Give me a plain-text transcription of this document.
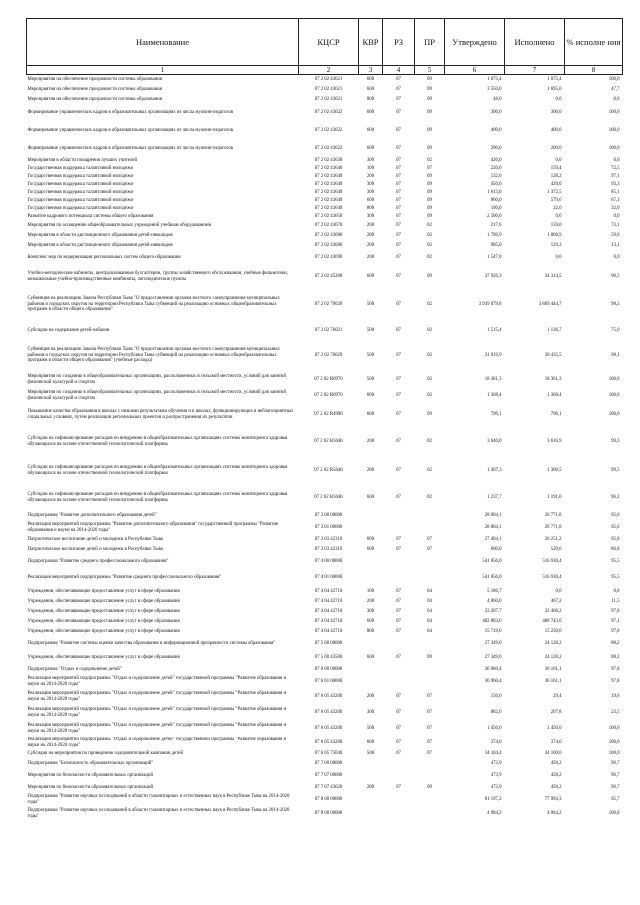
Наименование	КЦСР	КВР	РЗ	ПР	Утверждено	Исполнено	% исполне ния
1	2	3	4	5	6	7	8
Мероприятия на обеспечение прозрачности системы образования	07 2 02 43621	600	07	09	1 075,4	1 075,4	100,0
Мероприятия на обеспечение прозрачности системы образования	07 2 02 43621	600	07	09	3 550,0	1 695,0	47,7
Мероприятия на обеспечение прозрачности системы образования	07 2 02 43621	800	07	09	48,0	0,0	0,0
Формирование управленческих кадров в образовательных организациях из числа мужчин-педагогов	07 2 02 43622	600	07	09	300,0	300,0	100,0
Формирование управленческих кадров в образовательных организациях из числа мужчин-педагогов	07 2 02 43622	600	07	09	400,0	400,0	100,0
Формирование управленческих кадров в образовательных организациях из числа мужчин-педагогов	07 2 02 43622	600	07	09	200,0	200,0	100,0
Мероприятия в области поощрения лучших учителей	07 2 02 43630	300	07	02	420,0	0,0	0,0
Государственная поддержка талантливой молодежи	07 2 02 43640	100	07	07	220,0	159,4	72,5
Государственная поддержка талантливой молодежи	07 2 02 43640	200	07	09	132,0	128,2	97,1
Государственная поддержка талантливой молодежи	07 2 02 43640	300	07	09	450,0	420,0	93,3
Государственная поддержка талантливой молодежи	07 2 02 43640	300	07	09	1 613,0	1 372,5	85,1
Государственная поддержка талантливой молодежи	07 2 02 43640	600	07	09	860,0	579,6	67,3
Государственная поддержка талантливой молодежи	07 2 02 43640	800	07	09	100,0	32,0	32,0
Развитие кадрового потенциала системы общего образования	07 2 02 43650	300	07	09	2 500,0	0,0	0,0
Мероприятия по оснащению общеобразовательных учреждений учебным оборудованием	07 2 02 43670	200	07	02	217,6	159,0	73,1
Мероприятия в области дистанционного образования детей-инвалидов	07 2 02 43680	200	07	02	1 709,9	1 008,9	59,0
Мероприятия в области дистанционного образования детей-инвалидов	07 2 02 43680	200	07	02	985,0	129,3	13,1
Комплекс мер по модернизации региональных систем общего образования	07 2 02 43690	200	07	02	1 547,0	0,0	0,0
Учебно-методические кабинеты, централизованные бухгалтерии, группы хозяйственного обслуживания, учебные фильмотеки, межшкольные учебно-производственные комбинаты, логопедические пункты	07 2 02 45200	600	07	09	37 926,3	34 314,5	90,5
Субвенция на реализацию Закона Республики Тыва "О предоставлении органам местного самоуправления муниципальных районов и городских округов на территории Республики Тыва субвенций на реализацию основных общеобразовательных программ в области общего образования"	07 2 02 76020	500	07	02	3 939 079,8	3 869 444,7	98,2
Субсидии на содержание детей-чабанов	07 2 02 76021	500	07	02	1 515,4	1 136,7	75,0
Субвенция на реализацию Закона Республики Тыва "О предоставлении органам местного самоуправления муниципальных районов и городских округов на территории Республики Тыва субвенций на реализацию основных общеобразовательных программ в области общего образования" (учебные расходы)	07 2 02 76029	500	07	02	31 019,9	30 435,5	98,1
Мероприятия по созданию в общеобразовательных организациях, расположенных в сельской местности, условий для занятий физической культурой и спортом	07 2 02 R0970	500	07	02	18 361,3	18 361,3	100,0
Мероприятия по созданию в общеобразовательных организациях, расположенных в сельской местности, условий для занятий физической культурой и спортом	07 2 02 R0970	600	07	02	1 368,4	1 368,4	100,0
Повышение качества образования в школах с низкими результатами обучения и в школах, функционирующих в неблагоприятных социальных условиях, путем реализации региональных проектов и распространения их результатов	07 2 02 R4990	600	07	09	796,1	796,1	100,0
Субсидии на софинансирование расходов по внедрению в общеобразовательных организациях системы мониторинга здоровья обучающихся на основе отечественной технологической платформы	07 2 02 R5640	200	07	02	3 640,0	3 616,9	99,3
Субсидии на софинансирование расходов по внедрению в общеобразовательных организациях системы мониторинга здоровья обучающихся на основе отечественной технологической платформы	07 2 02 R5640	200	07	02	1 367,3	1 360,5	99,5
Субсидии на софинансирование расходов по внедрению в общеобразовательных организациях системы мониторинга здоровья обучающихся на основе отечественной технологической платформы	07 2 02 R5640	600	07	02	1 237,7	1 191,0	96,2
Подпрограмма "Развитие дополнительного образования детей"	07 3 00 00000				28 004,1	26 771,8	95,6
Реализация мероприятий подпрограммы "Развитие дополнительного образования" государственной программы "Развитие образования и науки на 2014-2020 годы"	07 3 01 00000				28 004,1	26 771,8	95,6
Патриотическое воспитание детей и молодежи в Республике Тыва	07 3 03 42310	600	07	07	27 404,1	26 251,2	95,8
Патриотическое воспитание детей и молодежи в Республике Тыва	07 3 03 42310	600	07	07	600,0	520,6	86,8
Подпрограмма "Развитие среднего профессионального образования"	07 4 00 00000				541 056,0	516 930,4	95,5
Реализация мероприятий подпрограммы "Развитие среднего профессионального образования"	07 4 01 00000				541 056,0	516 930,4	95,5
Учреждения, обеспечивающие предоставление услуг в сфере образования	07 4 04 42710	100	07	04	5 186,7	0,0	0,0
Учреждения, обеспечивающие предоставление услуг в сфере образования	07 4 04 42710	200	07	04	4 060,0	467,2	11,5
Учреждения, обеспечивающие предоставление услуг в сфере образования	07 4 04 42710	300	07	04	33 207,7	32 468,2	97,8
Учреждения, обеспечивающие предоставление услуг в сфере образования	07 4 04 42710	600	07	04	482 883,6	468 743,0	97,1
Учреждения, обеспечивающие предоставление услуг в сфере образования	07 4 04 42710	800	07	04	15 719,0	15 250,0	97,0
Подпрограмма "Развитие системы оценки качества образования и информационной прозрачности системы образования"	07 5 00 00000				27 349,0	24 128,2	88,2
Учреждения, обеспечивающие предоставление услуг в сфере образования	07 5 00 43500	600	07	09	27 349,0	24 128,2	88,2
Подпрограмма "Отдых и оздоровление детей"	07 6 00 00000				36 960,4	36 161,1	97,8
Реализация мероприятий подпрограммы "Отдых и оздоровление детей" государственной программы "Развитие образования и науки на 2014-2020 годы"	07 6 01 00000				36 960,4	36 161,1	97,8
Реализация мероприятий подпрограммы "Отдых и оздоровление детей" государственной программы "Развитие образования и науки на 2014-2020 годы"	07 6 05 43200	200	07	07	150,0	29,4	19,6
Реализация мероприятий подпрограммы "Отдых и оздоровление детей" государственной программы "Развитие образования и науки на 2014-2020 годы"	07 6 05 43200	300	07	07	882,0	207,8	23,5
Реализация мероприятий подпрограммы "Отдых и оздоровление детей" государственной программы "Развитие образования и науки на 2014-2020 годы"	07 6 05 43200	500	07	07	1 450,0	1 450,0	100,0
Реализация мероприятий подпрограммы "Отдых и оздоровление детей" государственной программы "Развитие образования и науки на 2014-2020 годы"	07 6 05 43200	600	07	07	374,0	374,0	100,0
Субсидия на мероприятия по проведению оздоровительной кампании детей	07 6 05 75040	500	07	07	34 104,4	34 100,0	100,0
Подпрограмма "Безопасность образовательных организаций"	07 7 00 00000				473,9	458,2	96,7
Мероприятия по безопасности образовательных организаций	07 7 07 00000				473,9	458,2	96,7
Мероприятия по безопасности образовательных организаций	07 7 07 43620	200	07	09	473,9	458,2	96,7
Подпрограмма "Развитие научных исследований в области гуманитарных и естественных наук в Республике Тыва на 2014-2020 годы"	07 8 00 00000				81 197,2	77 994,3	95,7
Подпрограмма "Развитие научных исследований в области гуманитарных и естественных наук в Республике Тыва на 2014-2020 годы"	07 8 00 00000				4 984,2	4 984,2	100,0
